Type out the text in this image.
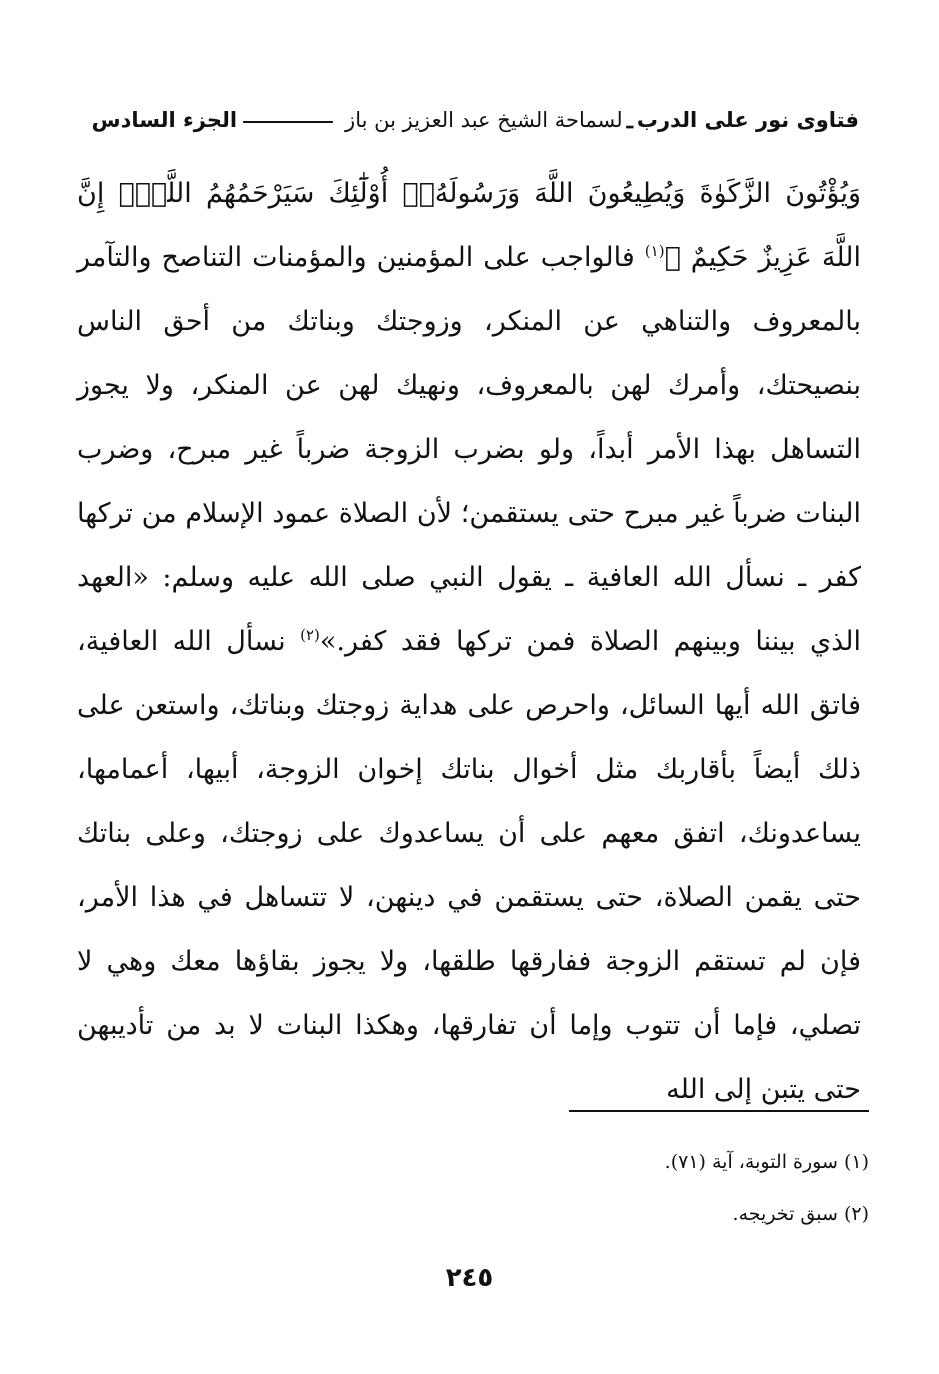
فتاوى نور على الدرب
ـ
لسماحة الشيخ عبد العزيز بن باز
الجزء السادس
وَيُؤْتُونَ الزَّكَوٰةَ وَيُطِيعُونَ اللَّهَ وَرَسُولَهُۥٓ أُوْلَٰٓئِكَ سَيَرْحَمُهُمُ اللَّهُۗ إِنَّ اللَّهَ عَزِيزٌ حَكِيمٌ ﴾$^{(١)}$ فالواجب على المؤمنين والمؤمنات التناصح والتآمر بالمعروف والتناهي عن المنكر، وزوجتك وبناتك من أحق الناس بنصيحتك، وأمرك لهن بالمعروف، ونهيك لهن عن المنكر، ولا يجوز التساهل بهذا الأمر أبداً، ولو بضرب الزوجة ضرباً غير مبرح، وضرب البنات ضرباً غير مبرح حتى يستقمن؛ لأن الصلاة عمود الإسلام من تركها كفر ـ نسأل الله العافية ـ يقول النبي صلى الله عليه وسلم: «العهد الذي بيننا وبينهم الصلاة فمن تركها فقد كفر.»$^{(٢)}$ نسأل الله العافية، فاتق الله أيها السائل، واحرص على هداية زوجتك وبناتك، واستعن على ذلك أيضاً بأقاربك مثل أخوال بناتك إخوان الزوجة، أبيها، أعمامها، يساعدونك، اتفق معهم على أن يساعدوك على زوجتك، وعلى بناتك حتى يقمن الصلاة، حتى يستقمن في دينهن، لا تتساهل في هذا الأمر، فإن لم تستقم الزوجة ففارقها طلقها، ولا يجوز بقاؤها معك وهي لا تصلي، فإما أن تتوب وإما أن تفارقها، وهكذا البنات لا بد من تأديبهن حتى يتبن إلى الله
(١) سورة التوبة، آية (٧١).
(٢) سبق تخريجه.
٢٤٥
